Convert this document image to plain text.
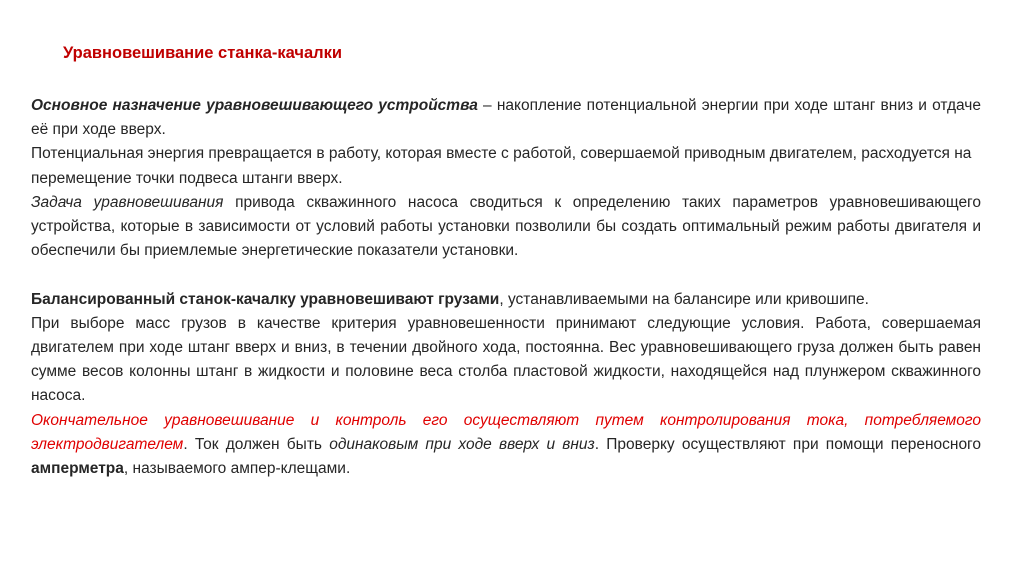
Уравновешивание станка-качалки

Основное назначение уравновешивающего устройства – накопление потенциальной энергии при ходе штанг вниз и отдаче её при ходе вверх.

Потенциальная энергия превращается в работу, которая вместе с работой, совершаемой приводным двигателем, расходуется на перемещение точки подвеса штанги вверх.

Задача уравновешивания привода скважинного насоса сводиться к определению таких параметров уравновешивающего устройства, которые в зависимости от условий работы установки позволили бы создать оптимальный режим работы двигателя и обеспечили бы приемлемые энергетические показатели установки.

Балансированный станок-качалку уравновешивают грузами, устанавливаемыми на балансире или кривошипе.

При выборе масс грузов в качестве критерия уравновешенности принимают следующие условия. Работа, совершаемая двигателем при ходе штанг вверх и вниз, в течении двойного хода, постоянна. Вес уравновешивающего груза должен быть равен сумме весов колонны штанг в жидкости и половине веса столба пластовой жидкости, находящейся над плунжером скважинного насоса.

Окончательное уравновешивание и контроль его осуществляют путем контролирования тока, потребляемого электродвигателем. Ток должен быть одинаковым при ходе вверх и вниз. Проверку осуществляют при помощи переносного амперметра, называемого ампер-клещами.
